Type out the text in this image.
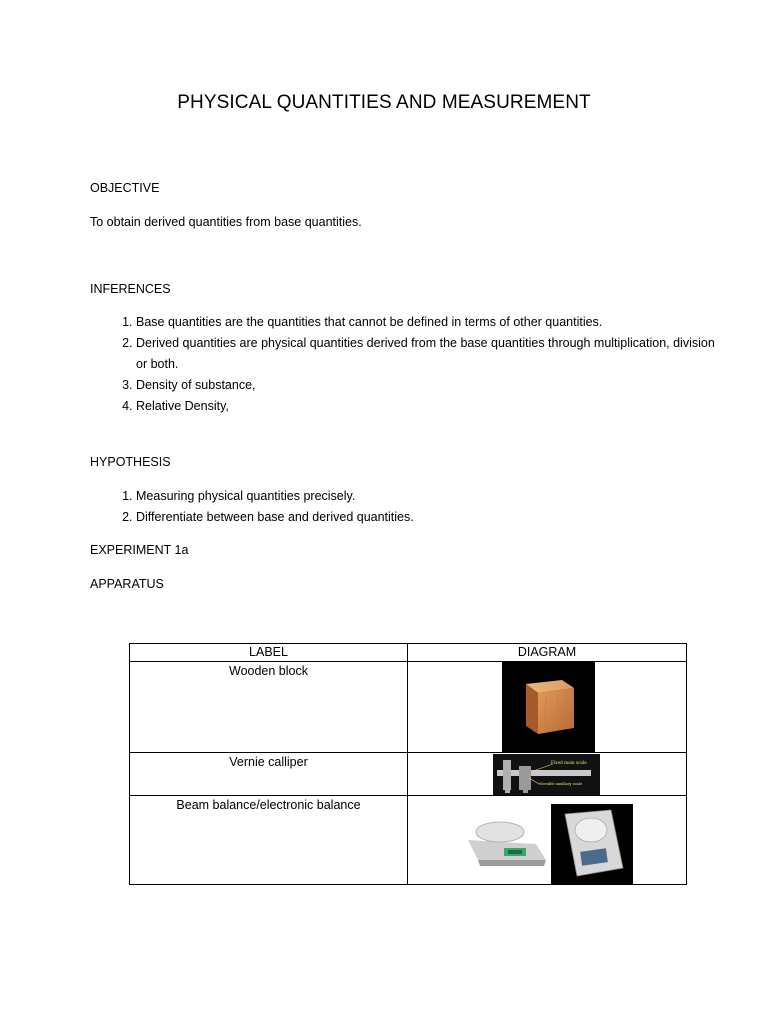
PHYSICAL QUANTITIES AND MEASUREMENT

OBJECTIVE

To obtain derived quantities from base quantities.

INFERENCES

1. Base quantities are the quantities that cannot be defined in terms of other quantities.
2. Derived quantities are physical quantities derived from the base quantities through multiplication, division or both.
3. Density of substance,
4. Relative Density,

HYPOTHESIS

1. Measuring physical quantities precisely.
2. Differentiate between base and derived quantities.

EXPERIMENT 1a

APPARATUS

LABEL	DIAGRAM

Wooden block

Vernie calliper	Fixed main scale
Movable auxiliary scale

Beam balance/electronic balance
